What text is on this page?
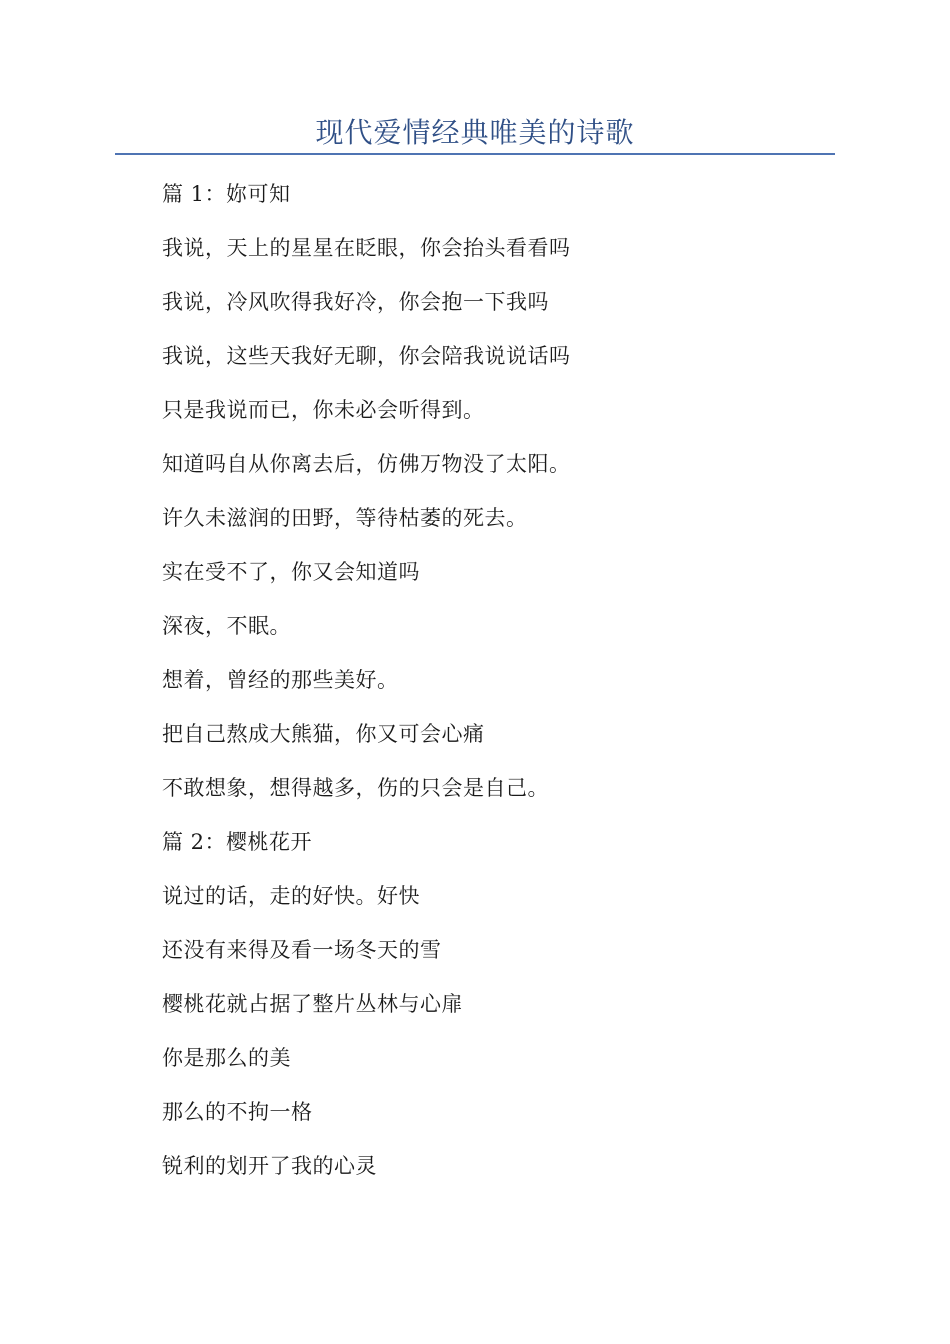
现代爱情经典唯美的诗歌
篇 1：妳可知
我说，天上的星星在眨眼，你会抬头看看吗
我说，冷风吹得我好冷，你会抱一下我吗
我说，这些天我好无聊，你会陪我说说话吗
只是我说而已，你未必会听得到。
知道吗自从你离去后，仿佛万物没了太阳。
许久未滋润的田野，等待枯萎的死去。
实在受不了，你又会知道吗
深夜，不眠。
想着，曾经的那些美好。
把自己熬成大熊猫，你又可会心痛
不敢想象，想得越多，伤的只会是自己。
篇 2：樱桃花开
说过的话，走的好快。好快
还没有来得及看一场冬天的雪
樱桃花就占据了整片丛林与心扉
你是那么的美
那么的不拘一格
锐利的划开了我的心灵
